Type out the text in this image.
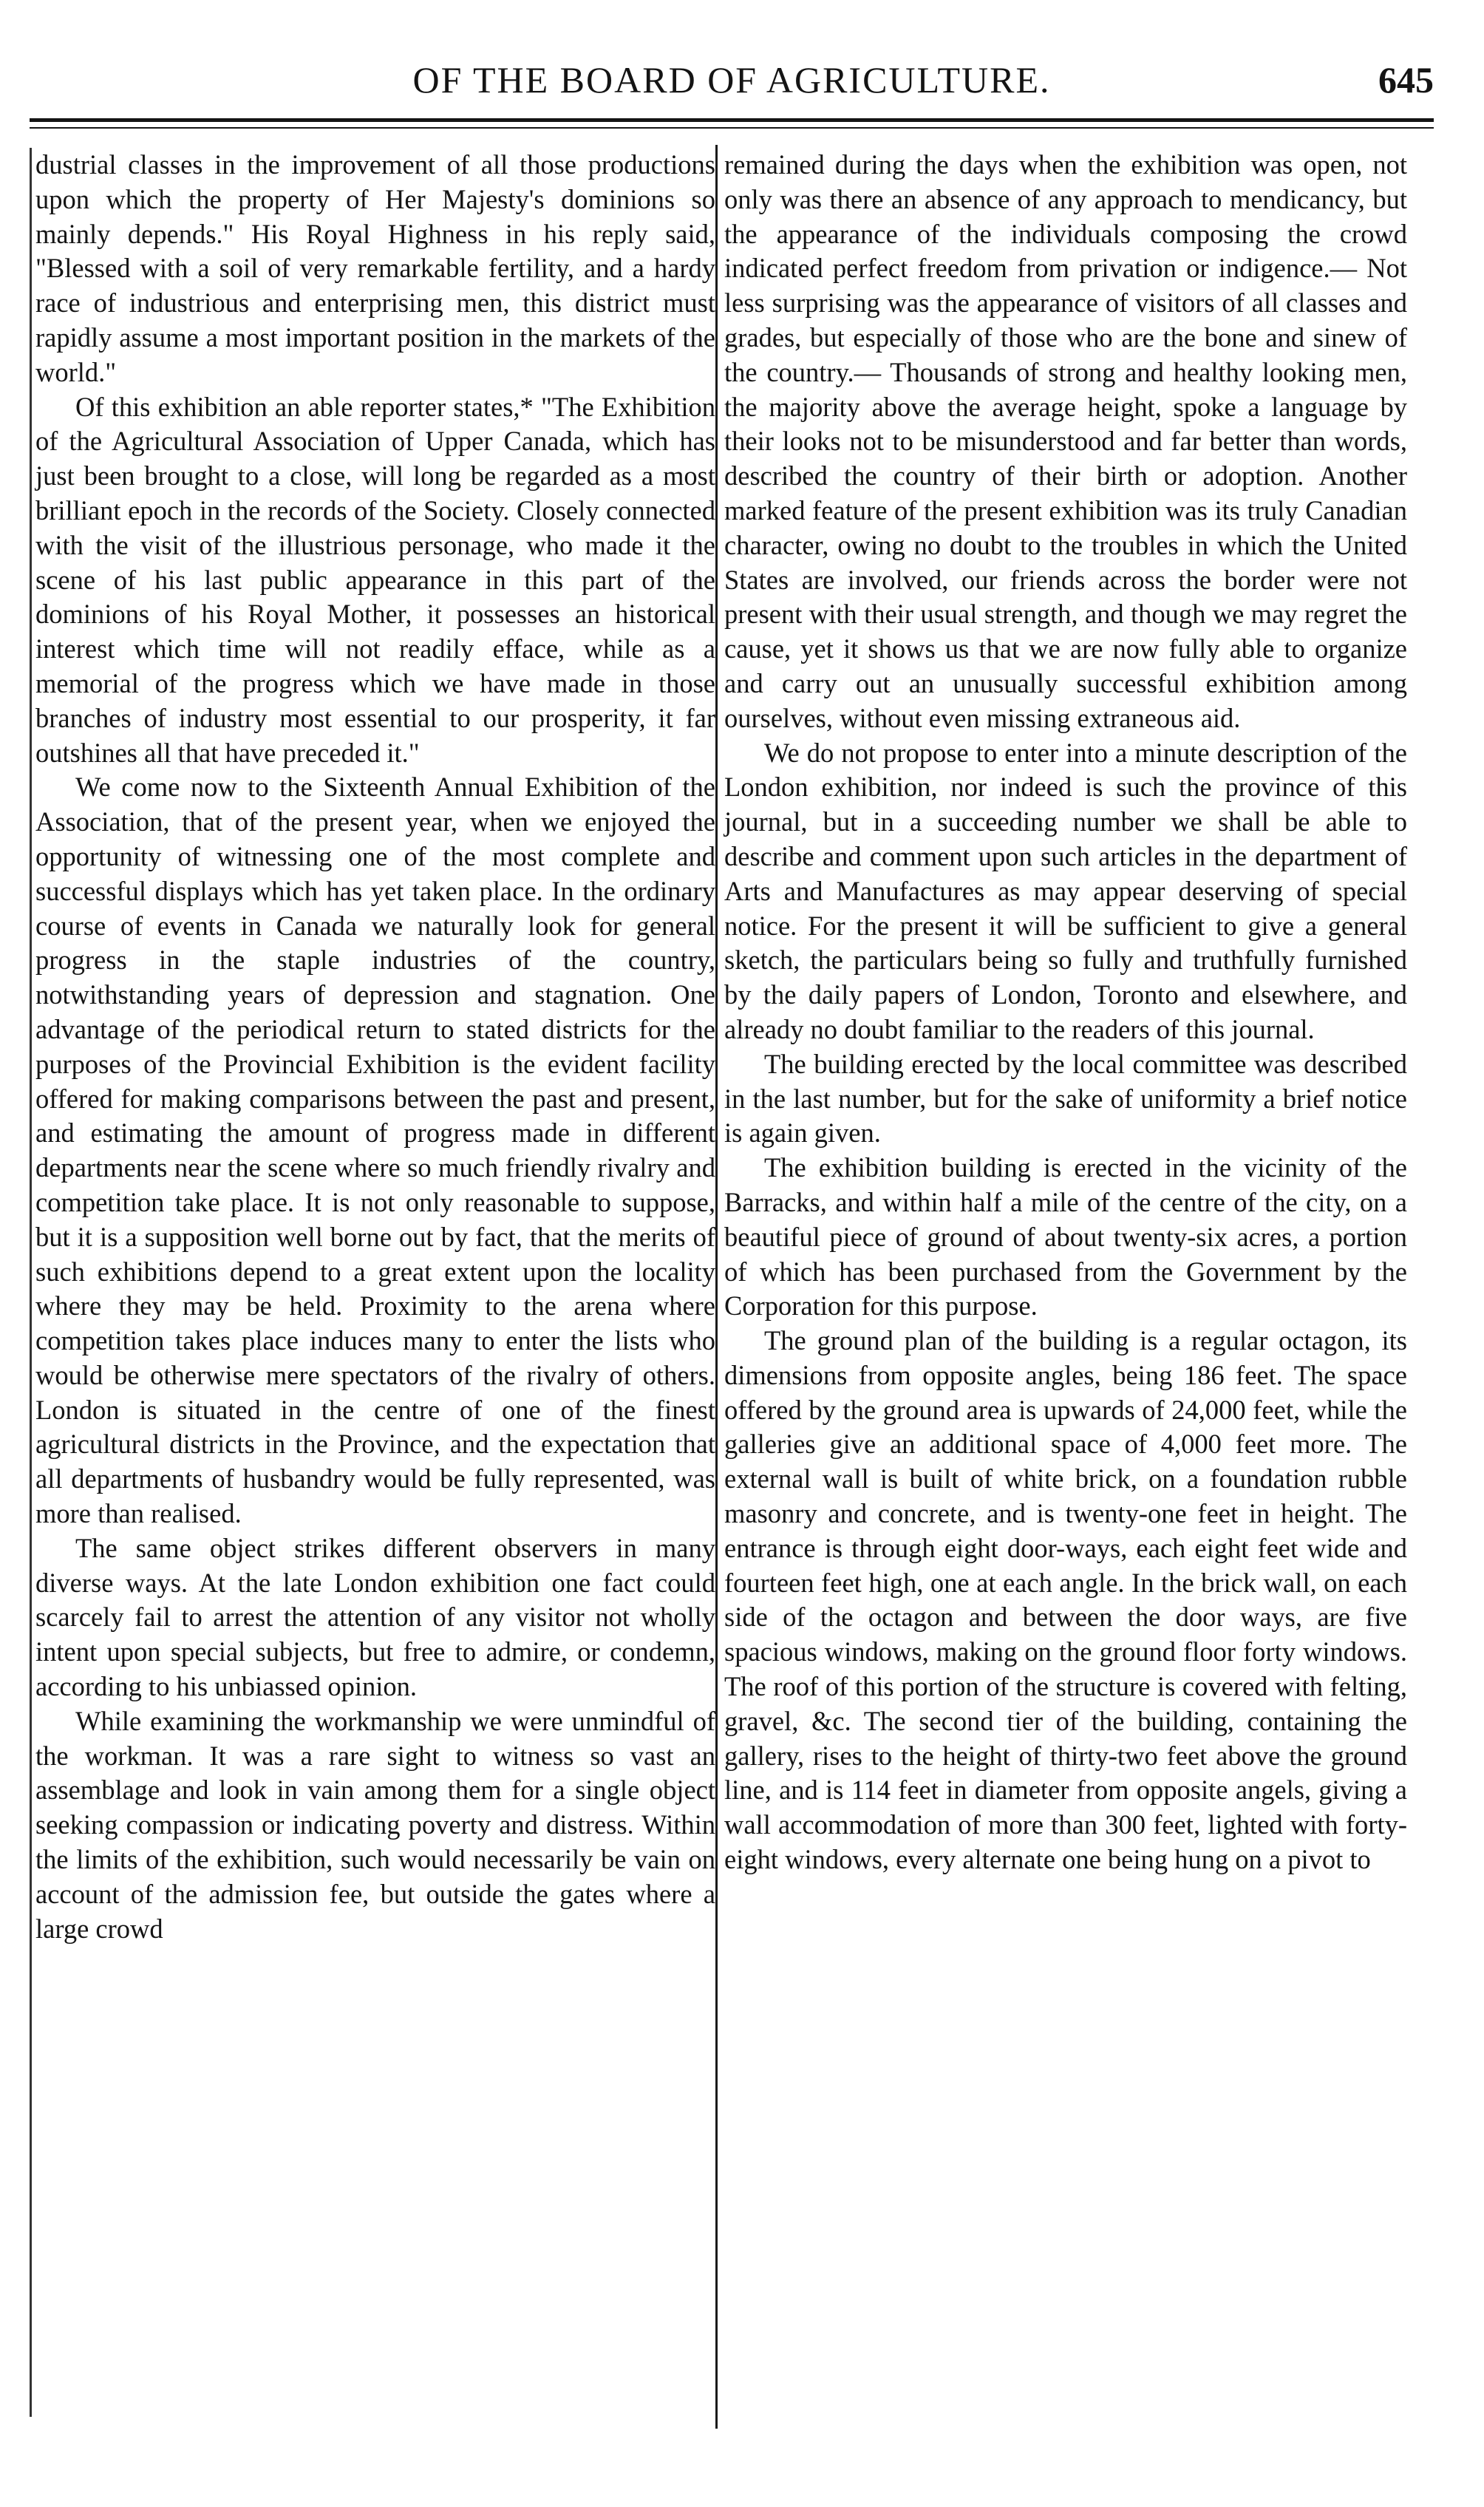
OF THE BOARD OF AGRICULTURE.	645

dustrial classes in the improvement of all those productions upon which the property of Her Majesty's dominions so mainly depends." His Royal Highness in his reply said, "Blessed with a soil of very remarkable fertility, and a hardy race of industrious and enterprising men, this district must rapidly assume a most important position in the markets of the world."

Of this exhibition an able reporter states,* "The Exhibition of the Agricultural Association of Upper Canada, which has just been brought to a close, will long be regarded as a most brilliant epoch in the records of the Society. Closely connected with the visit of the illustrious personage, who made it the scene of his last public appearance in this part of the dominions of his Royal Mother, it possesses an historical interest which time will not readily efface, while as a memorial of the progress which we have made in those branches of industry most essential to our prosperity, it far outshines all that have preceded it."

We come now to the Sixteenth Annual Exhibition of the Association, that of the present year, when we enjoyed the opportunity of witnessing one of the most complete and successful displays which has yet taken place. In the ordinary course of events in Canada we naturally look for general progress in the staple industries of the country, notwithstanding years of depression and stagnation. One advantage of the periodical return to stated districts for the purposes of the Provincial Exhibition is the evident facility offered for making comparisons between the past and present, and estimating the amount of progress made in different departments near the scene where so much friendly rivalry and competition take place. It is not only reasonable to suppose, but it is a supposition well borne out by fact, that the merits of such exhibitions depend to a great extent upon the locality where they may be held. Proximity to the arena where competition takes place induces many to enter the lists who would be otherwise mere spectators of the rivalry of others. London is situated in the centre of one of the finest agricultural districts in the Province, and the expectation that all departments of husbandry would be fully represented, was more than realised.

The same object strikes different observers in many diverse ways. At the late London exhibition one fact could scarcely fail to arrest the attention of any visitor not wholly intent upon special subjects, but free to admire, or condemn, according to his unbiassed opinion.

While examining the workmanship we were unmindful of the workman. It was a rare sight to witness so vast an assemblage and look in vain among them for a single object seeking compassion or indicating poverty and distress. Within the limits of the exhibition, such would necessarily be vain on account of the admission fee, but outside the gates where a large crowd

remained during the days when the exhibition was open, not only was there an absence of any approach to mendicancy, but the appearance of the individuals composing the crowd indicated perfect freedom from privation or indigence.— Not less surprising was the appearance of visitors of all classes and grades, but especially of those who are the bone and sinew of the country.— Thousands of strong and healthy looking men, the majority above the average height, spoke a language by their looks not to be misunderstood and far better than words, described the country of their birth or adoption. Another marked feature of the present exhibition was its truly Canadian character, owing no doubt to the troubles in which the United States are involved, our friends across the border were not present with their usual strength, and though we may regret the cause, yet it shows us that we are now fully able to organize and carry out an unusually successful exhibition among ourselves, without even missing extraneous aid.

We do not propose to enter into a minute description of the London exhibition, nor indeed is such the province of this journal, but in a succeeding number we shall be able to describe and comment upon such articles in the department of Arts and Manufactures as may appear deserving of special notice. For the present it will be sufficient to give a general sketch, the particulars being so fully and truthfully furnished by the daily papers of London, Toronto and elsewhere, and already no doubt familiar to the readers of this journal.

The building erected by the local committee was described in the last number, but for the sake of uniformity a brief notice is again given.

The exhibition building is erected in the vicinity of the Barracks, and within half a mile of the centre of the city, on a beautiful piece of ground of about twenty-six acres, a portion of which has been purchased from the Government by the Corporation for this purpose.

The ground plan of the building is a regular octagon, its dimensions from opposite angles, being 186 feet. The space offered by the ground area is upwards of 24,000 feet, while the galleries give an additional space of 4,000 feet more. The external wall is built of white brick, on a foundation rubble masonry and concrete, and is twenty-one feet in height. The entrance is through eight door-ways, each eight feet wide and fourteen feet high, one at each angle. In the brick wall, on each side of the octagon and between the door ways, are five spacious windows, making on the ground floor forty windows. The roof of this portion of the structure is covered with felting, gravel, &c. The second tier of the building, containing the gallery, rises to the height of thirty-two feet above the ground line, and is 114 feet in diameter from opposite angels, giving a wall accommodation of more than 300 feet, lighted with forty-eight windows, every alternate one being hung on a pivot to
